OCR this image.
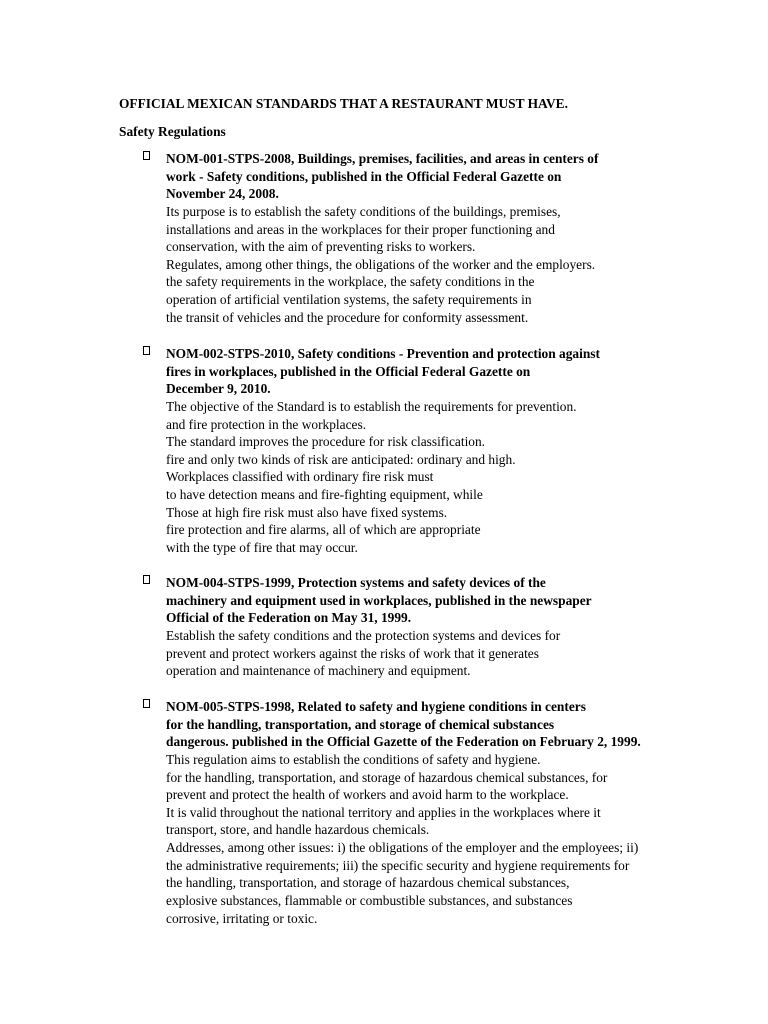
OFFICIAL MEXICAN STANDARDS THAT A RESTAURANT MUST HAVE.
Safety Regulations
NOM-001-STPS-2008, Buildings, premises, facilities, and areas in centers of
work - Safety conditions, published in the Official Federal Gazette on
November 24, 2008.
Its purpose is to establish the safety conditions of the buildings, premises,
installations and areas in the workplaces for their proper functioning and
conservation, with the aim of preventing risks to workers.
Regulates, among other things, the obligations of the worker and the employers.
the safety requirements in the workplace, the safety conditions in the
operation of artificial ventilation systems, the safety requirements in
the transit of vehicles and the procedure for conformity assessment.
NOM-002-STPS-2010, Safety conditions - Prevention and protection against
fires in workplaces, published in the Official Federal Gazette on
December 9, 2010.
The objective of the Standard is to establish the requirements for prevention.
and fire protection in the workplaces.
The standard improves the procedure for risk classification.
fire and only two kinds of risk are anticipated: ordinary and high.
Workplaces classified with ordinary fire risk must
to have detection means and fire-fighting equipment, while
Those at high fire risk must also have fixed systems.
fire protection and fire alarms, all of which are appropriate
with the type of fire that may occur.
NOM-004-STPS-1999, Protection systems and safety devices of the
machinery and equipment used in workplaces, published in the newspaper
Official of the Federation on May 31, 1999.
Establish the safety conditions and the protection systems and devices for
prevent and protect workers against the risks of work that it generates
operation and maintenance of machinery and equipment.
NOM-005-STPS-1998, Related to safety and hygiene conditions in centers
for the handling, transportation, and storage of chemical substances
dangerous. published in the Official Gazette of the Federation on February 2, 1999.
This regulation aims to establish the conditions of safety and hygiene.
for the handling, transportation, and storage of hazardous chemical substances, for
prevent and protect the health of workers and avoid harm to the workplace.
It is valid throughout the national territory and applies in the workplaces where it
transport, store, and handle hazardous chemicals.
Addresses, among other issues: i) the obligations of the employer and the employees; ii)
the administrative requirements; iii) the specific security and hygiene requirements for
the handling, transportation, and storage of hazardous chemical substances,
explosive substances, flammable or combustible substances, and substances
corrosive, irritating or toxic.
